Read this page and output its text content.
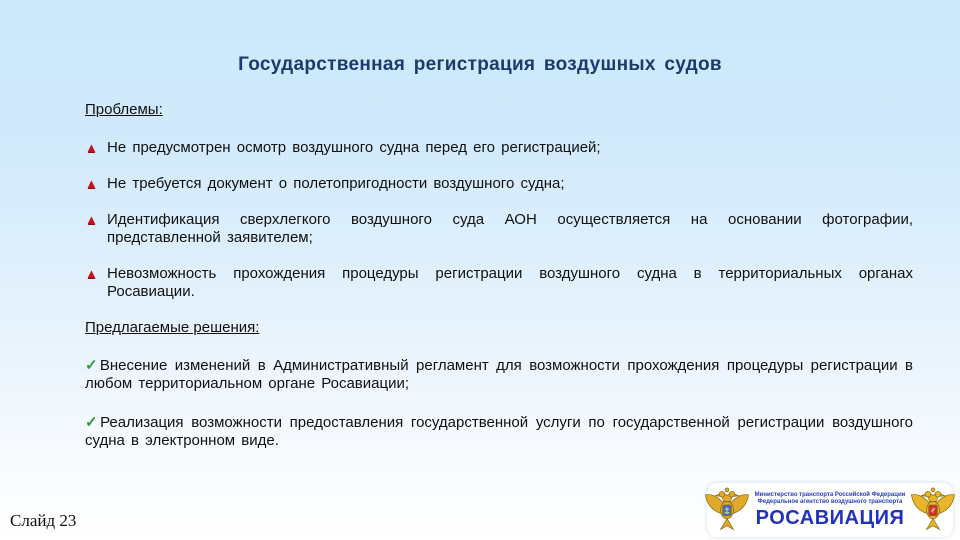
Государственная регистрация воздушных судов
Проблемы:
▲ Не предусмотрен осмотр воздушного судна перед его регистрацией;

▲ Не требуется документ о полетопригодности воздушного судна;

▲ Идентификация сверхлегкого воздушного суда АОН осуществляется на основании фотографии, представленной заявителем;

▲ Невозможность прохождения процедуры регистрации воздушного судна в территориальных органах Росавиации.

Предлагаемые решения:

✓Внесение изменений в Административный регламент для возможности прохождения процедуры регистрации в любом территориальном органе Росавиации;

✓Реализация возможности предоставления государственной услуги по государственной регистрации воздушного судна в электронном виде.

Слайд 23
Министерство транспорта Российской Федерации
Федеральное агентство воздушного транспорта
РОСАВИАЦИЯ
